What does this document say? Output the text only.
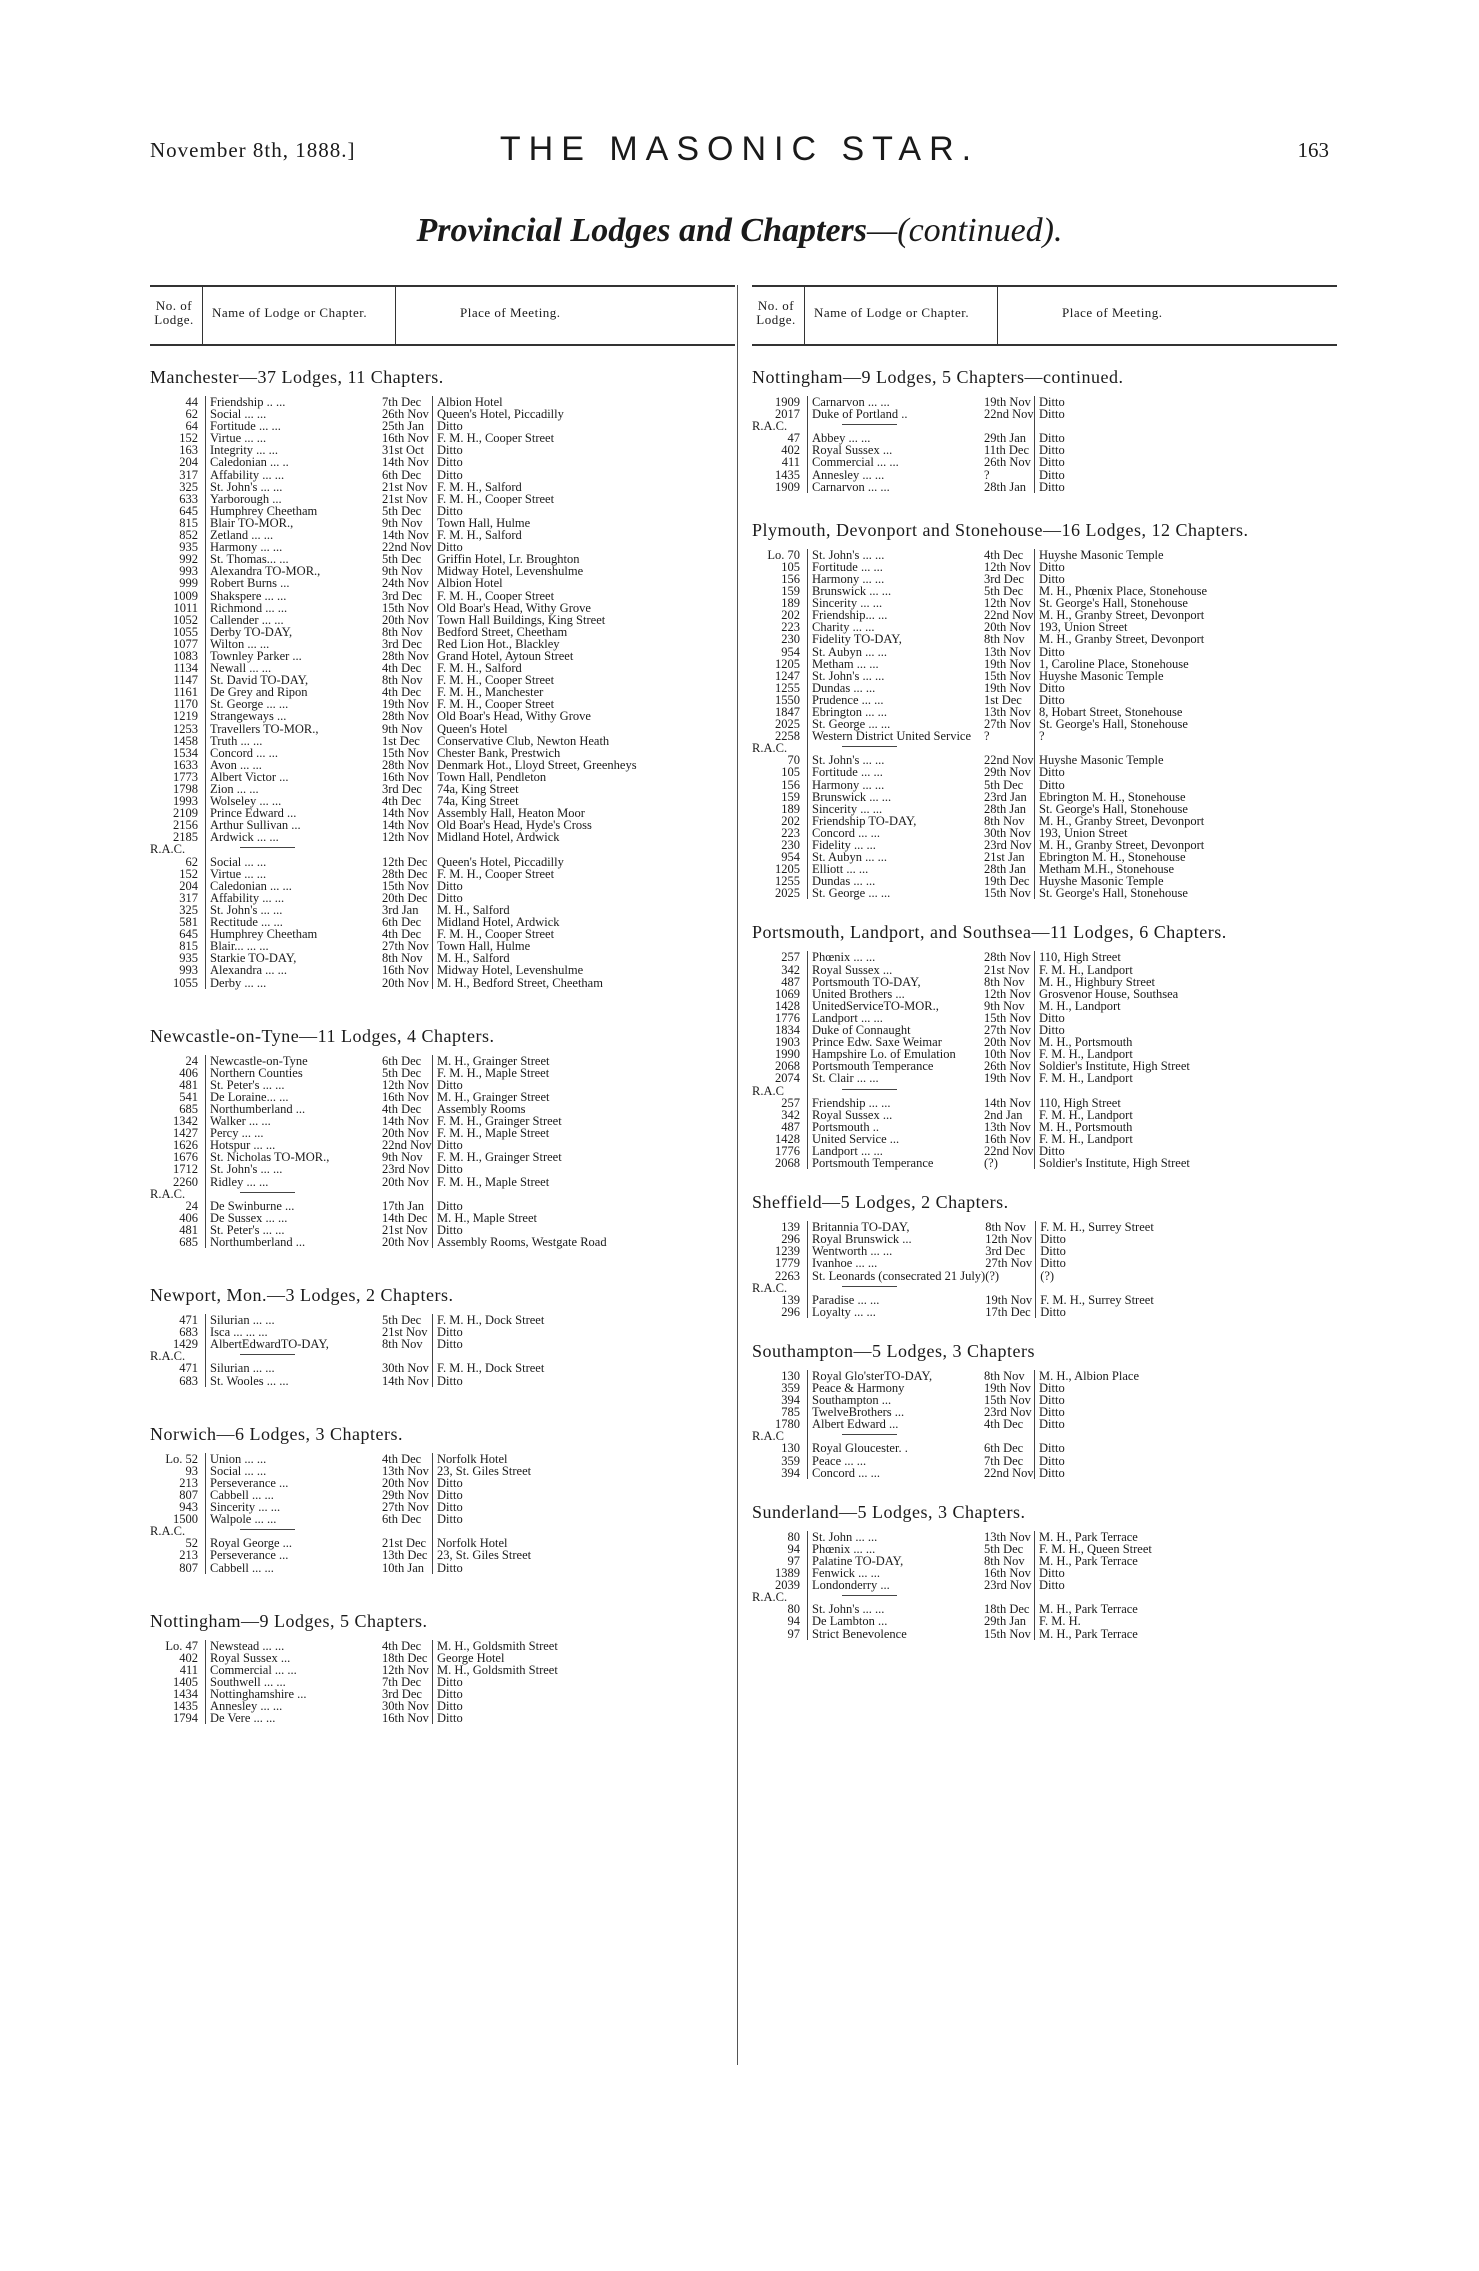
November 8th, 1888.]	THE MASONIC STAR.	163
Provincial Lodges and Chapters—(continued).
No. of Lodge.	Name of Lodge or Chapter.	Place of Meeting.
Manchester—37 Lodges, 11 Chapters.
44	Friendship .. ...	7th Dec	Albion Hotel
62	Social ... ...	26th Nov	Queen's Hotel, Piccadilly
64	Fortitude ... ...	25th Jan	Ditto
152	Virtue ... ...	16th Nov	F. M. H., Cooper Street
163	Integrity ... ...	31st Oct	Ditto
204	Caledonian ... ..	14th Nov	Ditto
317	Affability ... ...	6th Dec	Ditto
325	St. John's ... ...	21st Nov	F. M. H., Salford
633	Yarborough ...	21st Nov	F. M. H., Cooper Street
645	Humphrey Cheetham	5th Dec	Ditto
815	Blair TO-MOR.,	9th Nov	Town Hall, Hulme
852	Zetland ... ...	14th Nov	F. M. H., Salford
935	Harmony ... ...	22nd Nov	Ditto
992	St. Thomas... ...	5th Dec	Griffin Hotel, Lr. Broughton
993	Alexandra TO-MOR.,	9th Nov	Midway Hotel, Levenshulme
999	Robert Burns ...	24th Nov	Albion Hotel
1009	Shakspere ... ...	3rd Dec	F. M. H., Cooper Street
1011	Richmond ... ...	15th Nov	Old Boar's Head, Withy Grove
1052	Callender ... ...	20th Nov	Town Hall Buildings, King Street
1055	Derby TO-DAY,	8th Nov	Bedford Street, Cheetham
1077	Wilton ... ...	3rd Dec	Red Lion Hot., Blackley
1083	Townley Parker ...	28th Nov	Grand Hotel, Aytoun Street
1134	Newall ... ...	4th Dec	F. M. H., Salford
1147	St. David TO-DAY,	8th Nov	F. M. H., Cooper Street
1161	De Grey and Ripon	4th Dec	F. M. H., Manchester
1170	St. George ... ...	19th Nov	F. M. H., Cooper Street
1219	Strangeways ...	28th Nov	Old Boar's Head, Withy Grove
1253	Travellers TO-MOR.,	9th Nov	Queen's Hotel
1458	Truth ... ...	1st Dec	Conservative Club, Newton Heath
1534	Concord ... ...	15th Nov	Chester Bank, Prestwich
1633	Avon ... ...	28th Nov	Denmark Hot., Lloyd Street, Greenheys
1773	Albert Victor ...	16th Nov	Town Hall, Pendleton
1798	Zion ... ...	3rd Dec	74a, King Street
1993	Wolseley ... ...	4th Dec	74a, King Street
2109	Prince Edward ...	14th Nov	Assembly Hall, Heaton Moor
2156	Arthur Sullivan ...	14th Nov	Old Boar's Head, Hyde's Cross
2185	Ardwick ... ...	12th Nov	Midland Hotel, Ardwick
R.A.C.	

62	Social ... ...	12th Dec	Queen's Hotel, Piccadilly
152	Virtue ... ...	28th Dec	F. M. H., Cooper Street
204	Caledonian ... ...	15th Nov	Ditto
317	Affability ... ...	20th Dec	Ditto
325	St. John's ... ...	3rd Jan	M. H., Salford
581	Rectitude ... ...	6th Dec	Midland Hotel, Ardwick
645	Humphrey Cheetham	4th Dec	F. M. H., Cooper Street
815	Blair... ... ...	27th Nov	Town Hall, Hulme
935	Starkie TO-DAY,	8th Nov	M. H., Salford
993	Alexandra ... ...	16th Nov	Midway Hotel, Levenshulme
1055	Derby ... ...	20th Nov	M. H., Bedford Street, Cheetham
Newcastle-on-Tyne—11 Lodges, 4 Chapters.
24	Newcastle-on-Tyne	6th Dec	M. H., Grainger Street
406	Northern Counties	5th Dec	F. M. H., Maple Street
481	St. Peter's ... ...	12th Nov	Ditto
541	De Loraine... ...	16th Nov	M. H., Grainger Street
685	Northumberland ...	4th Dec	Assembly Rooms
1342	Walker ... ...	14th Nov	F. M. H., Grainger Street
1427	Percy ... ...	20th Nov	F. M. H., Maple Street
1626	Hotspur ... ...	22nd Nov	Ditto
1676	St. Nicholas TO-MOR.,	9th Nov	F. M. H., Grainger Street
1712	St. John's ... ...	23rd Nov	Ditto
2260	Ridley ... ...	20th Nov	F. M. H., Maple Street
R.A.C.	

24	De Swinburne ...	17th Jan	Ditto
406	De Sussex ... ...	14th Dec	M. H., Maple Street
481	St. Peter's ... ...	21st Nov	Ditto
685	Northumberland ...	20th Nov	Assembly Rooms, Westgate Road
Newport, Mon.—3 Lodges, 2 Chapters.
471	Silurian ... ...	5th Dec	F. M. H., Dock Street
683	Isca ... ... ...	21st Nov	Ditto
1429	AlbertEdwardTO-DAY,	8th Nov	Ditto
R.A.C.	

471	Silurian ... ...	30th Nov	F. M. H., Dock Street
683	St. Wooles ... ...	14th Nov	Ditto
Norwich—6 Lodges, 3 Chapters.
Lo. 52	Union ... ...	4th Dec	Norfolk Hotel
93	Social ... ...	13th Nov	23, St. Giles Street
213	Perseverance ...	20th Nov	Ditto
807	Cabbell ... ...	29th Nov	Ditto
943	Sincerity ... ...	27th Nov	Ditto
1500	Walpole ... ...	6th Dec	Ditto
R.A.C.	

52	Royal George ...	21st Dec	Norfolk Hotel
213	Perseverance ...	13th Dec	23, St. Giles Street
807	Cabbell ... ...	10th Jan	Ditto
Nottingham—9 Lodges, 5 Chapters.
Lo. 47	Newstead ... ...	4th Dec	M. H., Goldsmith Street
402	Royal Sussex ...	18th Dec	George Hotel
411	Commercial ... ...	12th Nov	M. H., Goldsmith Street
1405	Southwell ... ...	7th Dec	Ditto
1434	Nottinghamshire ...	3rd Dec	Ditto
1435	Annesley ... ...	30th Nov	Ditto
1794	De Vere ... ...	16th Nov	Ditto
No. of Lodge.	Name of Lodge or Chapter.	Place of Meeting.
Nottingham—9 Lodges, 5 Chapters—continued.
1909	Carnarvon ... ...	19th Nov	Ditto
2017	Duke of Portland ..	22nd Nov	Ditto
R.A.C.	

47	Abbey ... ...	29th Jan	Ditto
402	Royal Sussex ...	11th Dec	Ditto
411	Commercial ... ...	26th Nov	Ditto
1435	Annesley ... ...	?	Ditto
1909	Carnarvon ... ...	28th Jan	Ditto
Plymouth, Devonport and Stonehouse—16 Lodges, 12 Chapters.
Lo. 70	St. John's ... ...	4th Dec	Huyshe Masonic Temple
105	Fortitude ... ...	12th Nov	Ditto
156	Harmony ... ...	3rd Dec	Ditto
159	Brunswick ... ...	5th Dec	M. H., Phœnix Place, Stonehouse
189	Sincerity ... ...	12th Nov	St. George's Hall, Stonehouse
202	Friendship... ...	22nd Nov	M. H., Granby Street, Devonport
223	Charity ... ...	20th Nov	193, Union Street
230	Fidelity TO-DAY,	8th Nov	M. H., Granby Street, Devonport
954	St. Aubyn ... ...	13th Nov	Ditto
1205	Metham ... ...	19th Nov	1, Caroline Place, Stonehouse
1247	St. John's ... ...	15th Nov	Huyshe Masonic Temple
1255	Dundas ... ...	19th Nov	Ditto
1550	Prudence ... ...	1st Dec	Ditto
1847	Ebrington ... ...	13th Nov	8, Hobart Street, Stonehouse
2025	St. George ... ...	27th Nov	St. George's Hall, Stonehouse
2258	Western District United Service	?	?
R.A.C.	

70	St. John's ... ...	22nd Nov	Huyshe Masonic Temple
105	Fortitude ... ...	29th Nov	Ditto
156	Harmony ... ...	5th Dec	Ditto
159	Brunswick ... ...	23rd Jan	Ebrington M. H., Stonehouse
189	Sincerity ... ...	28th Jan	St. George's Hall, Stonehouse
202	Friendship TO-DAY,	8th Nov	M. H., Granby Street, Devonport
223	Concord ... ...	30th Nov	193, Union Street
230	Fidelity ... ...	23rd Nov	M. H., Granby Street, Devonport
954	St. Aubyn ... ...	21st Jan	Ebrington M. H., Stonehouse
1205	Elliott ... ...	28th Jan	Metham M.H., Stonehouse
1255	Dundas ... ...	19th Dec	Huyshe Masonic Temple
2025	St. George ... ...	15th Nov	St. George's Hall, Stonehouse
Portsmouth, Landport, and Southsea—11 Lodges, 6 Chapters.
257	Phœnix ... ...	28th Nov	110, High Street
342	Royal Sussex ...	21st Nov	F. M. H., Landport
487	Portsmouth TO-DAY,	8th Nov	M. H., Highbury Street
1069	United Brothers ...	12th Nov	Grosvenor House, Southsea
1428	UnitedServiceTO-MOR.,	9th Nov	M. H., Landport
1776	Landport ... ...	15th Nov	Ditto
1834	Duke of Connaught	27th Nov	Ditto
1903	Prince Edw. Saxe Weimar	20th Nov	M. H., Portsmouth
1990	Hampshire Lo. of Emulation	10th Nov	F. M. H., Landport
2068	Portsmouth Temperance	26th Nov	Soldier's Institute, High Street
2074	St. Clair ... ...	19th Nov	F. M. H., Landport
R.A.C	

257	Friendship ... ...	14th Nov	110, High Street
342	Royal Sussex ...	2nd Jan	F. M. H., Landport
487	Portsmouth ..	13th Nov	M. H., Portsmouth
1428	United Service ...	16th Nov	F. M. H., Landport
1776	Landport ... ...	22nd Nov	Ditto
2068	Portsmouth Temperance	(?)	Soldier's Institute, High Street
Sheffield—5 Lodges, 2 Chapters.
139	Britannia TO-DAY,	8th Nov	F. M. H., Surrey Street
296	Royal Brunswick ...	12th Nov	Ditto
1239	Wentworth ... ...	3rd Dec	Ditto
1779	Ivanhoe ... ...	27th Nov	Ditto
2263	St. Leonards (consecrated 21 July)	(?)	(?)
R.A.C.	

139	Paradise ... ...	19th Nov	F. M. H., Surrey Street
296	Loyalty ... ...	17th Dec	Ditto
Southampton—5 Lodges, 3 Chapters
130	Royal Glo'sterTO-DAY,	8th Nov	M. H., Albion Place
359	Peace & Harmony	19th Nov	Ditto
394	Southampton ...	15th Nov	Ditto
785	TwelveBrothers ...	23rd Nov	Ditto
1780	Albert Edward ...	4th Dec	Ditto
R.A.C	

130	Royal Gloucester. .	6th Dec	Ditto
359	Peace ... ...	7th Dec	Ditto
394	Concord ... ...	22nd Nov	Ditto
Sunderland—5 Lodges, 3 Chapters.
80	St. John ... ...	13th Nov	M. H., Park Terrace
94	Phœnix ... ...	5th Dec	F. M. H., Queen Street
97	Palatine TO-DAY,	8th Nov	M. H., Park Terrace
1389	Fenwick ... ...	16th Nov	Ditto
2039	Londonderry ...	23rd Nov	Ditto
R.A.C.	

80	St. John's ... ...	18th Dec	M. H., Park Terrace
94	De Lambton ...	29th Jan	F. M. H.
97	Strict Benevolence	15th Nov	M. H., Park Terrace
